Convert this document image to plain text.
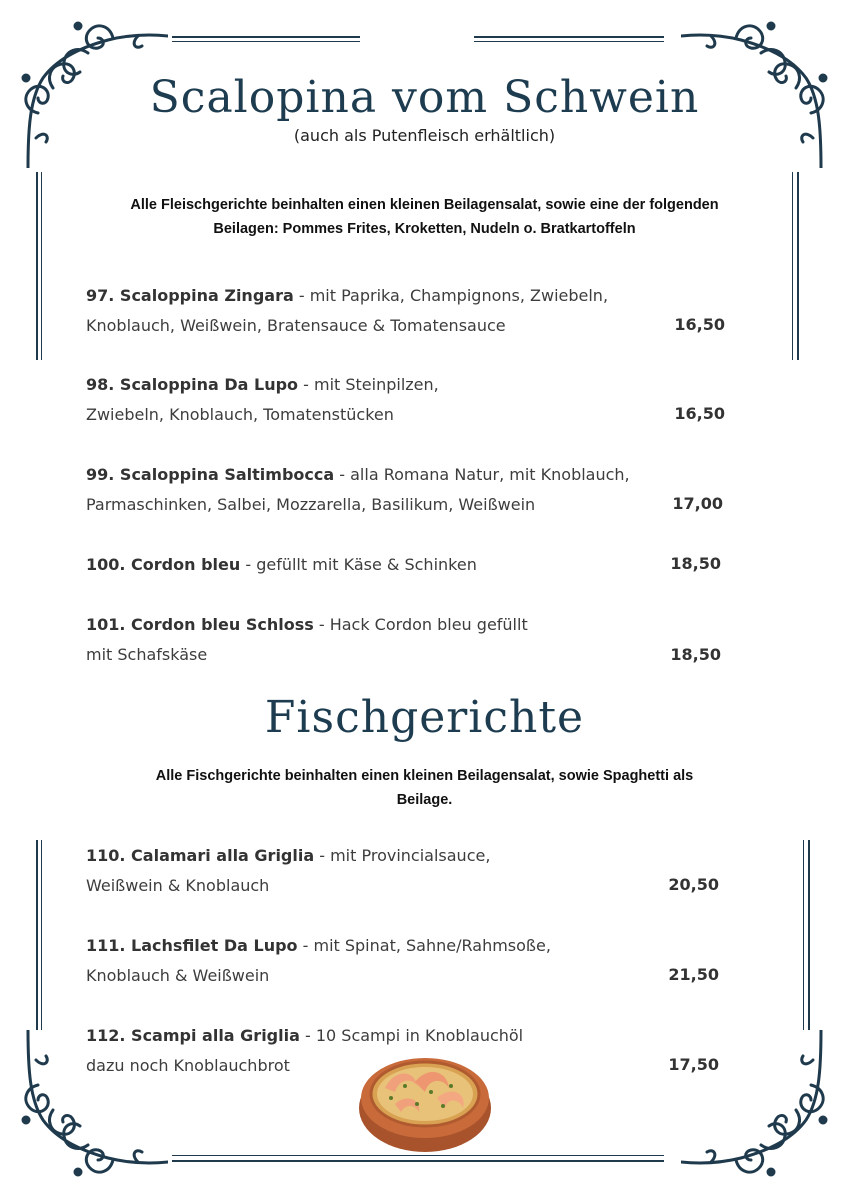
Scalopina vom Schwein
(auch als Putenfleisch erhältlich)
Alle Fleischgerichte beinhalten einen kleinen Beilagensalat, sowie eine der folgenden
Beilagen: Pommes Frites, Kroketten, Nudeln o. Bratkartoffeln
97. Scaloppina Zingara - mit Paprika, Champignons, Zwiebeln,
Knoblauch, Weißwein, Bratensauce & Tomatensauce	16,50
98. Scaloppina Da Lupo - mit Steinpilzen,
Zwiebeln, Knoblauch, Tomatenstücken	16,50
99. Scaloppina Saltimbocca - alla Romana Natur, mit Knoblauch,
Parmaschinken, Salbei, Mozzarella, Basilikum, Weißwein	17,00
100. Cordon bleu - gefüllt mit Käse & Schinken	18,50
101. Cordon bleu Schloss - Hack Cordon bleu gefüllt
mit Schafskäse	18,50
Fischgerichte
Alle Fischgerichte beinhalten einen kleinen Beilagensalat, sowie Spaghetti als
Beilage.
110. Calamari alla Griglia - mit Provincialsauce,
Weißwein & Knoblauch	20,50
111. Lachsfilet Da Lupo - mit Spinat, Sahne/Rahmsoße,
Knoblauch & Weißwein	21,50
112. Scampi alla Griglia - 10 Scampi in Knoblauchöl
dazu noch Knoblauchbrot	17,50
